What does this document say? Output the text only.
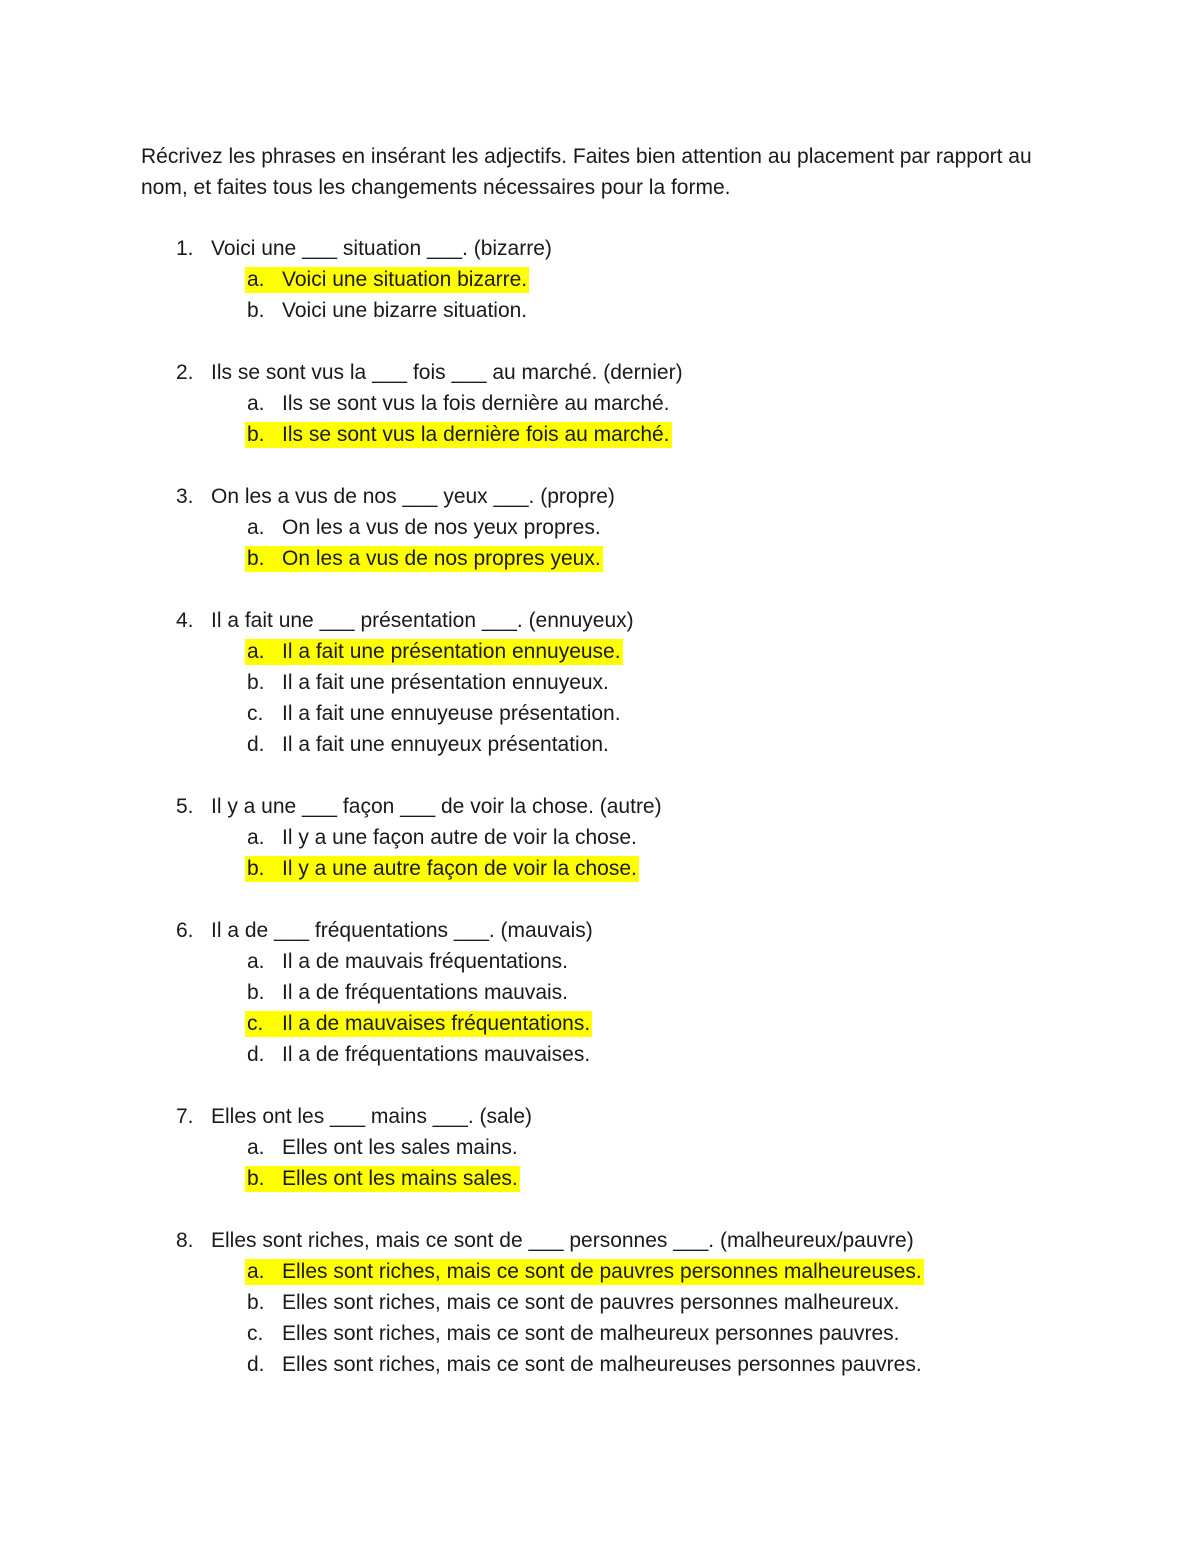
Récrivez les phrases en insérant les adjectifs. Faites bien attention au placement par rapport au nom, et faites tous les changements nécessaires pour la forme.

1. Voici une ___ situation ___. (bizarre)
a. Voici une situation bizarre.
b. Voici une bizarre situation.
2. Ils se sont vus la ___ fois ___ au marché. (dernier)
a. Ils se sont vus la fois dernière au marché.
b. Ils se sont vus la dernière fois au marché.
3. On les a vus de nos ___ yeux ___. (propre)
a. On les a vus de nos yeux propres.
b. On les a vus de nos propres yeux.
4. Il a fait une ___ présentation ___. (ennuyeux)
a. Il a fait une présentation ennuyeuse.
b. Il a fait une présentation ennuyeux.
c. Il a fait une ennuyeuse présentation.
d. Il a fait une ennuyeux présentation.
5. Il y a une ___ façon ___ de voir la chose. (autre)
a. Il y a une façon autre de voir la chose.
b. Il y a une autre façon de voir la chose.
6. Il a de ___ fréquentations ___. (mauvais)
a. Il a de mauvais fréquentations.
b. Il a de fréquentations mauvais.
c. Il a de mauvaises fréquentations.
d. Il a de fréquentations mauvaises.
7. Elles ont les ___ mains ___. (sale)
a. Elles ont les sales mains.
b. Elles ont les mains sales.
8. Elles sont riches, mais ce sont de ___ personnes ___. (malheureux/pauvre)
a. Elles sont riches, mais ce sont de pauvres personnes malheureuses.
b. Elles sont riches, mais ce sont de pauvres personnes malheureux.
c. Elles sont riches, mais ce sont de malheureux personnes pauvres.
d. Elles sont riches, mais ce sont de malheureuses personnes pauvres.
